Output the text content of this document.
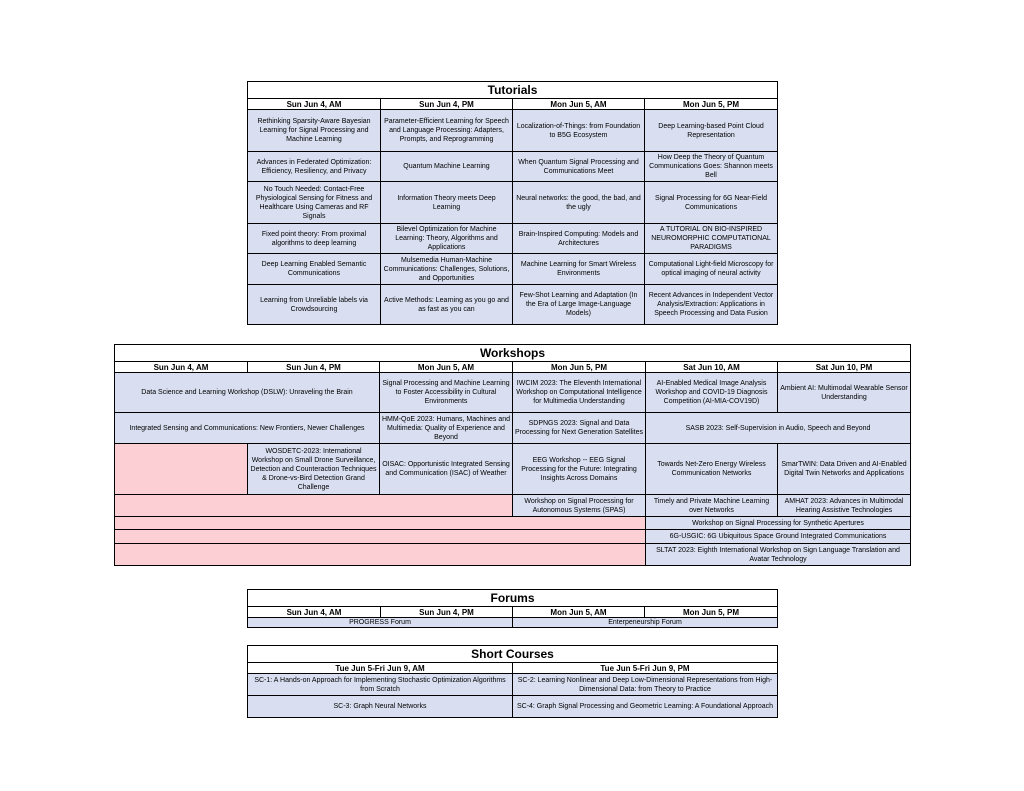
Tutorials			
Sun Jun 4, AM	Sun Jun 4, PM	Mon Jun 5, AM	Mon Jun 5, PM
Rethinking Sparsity-Aware Bayesian Learning for Signal Processing and Machine Learning	Parameter-Efficient Learning for Speech and Language Processing: Adapters, Prompts, and Reprogramming	Localization-of-Things: from Foundation to B5G Ecosystem	Deep Learning-based Point Cloud Representation
Advances in Federated Optimization: Efficiency, Resiliency, and Privacy	Quantum Machine Learning	When Quantum Signal Processing and Communications Meet	How Deep the Theory of Quantum Communications Goes: Shannon meets Bell
No Touch Needed: Contact-Free Physiological Sensing for Fitness and Healthcare Using Cameras and RF Signals	Information Theory meets Deep Learning	Neural networks: the good, the bad, and the ugly	Signal Processing for 6G Near-Field Communications
Fixed point theory: From proximal algorithms to deep learning	Bilevel Optimization for Machine Learning: Theory, Algorithms and Applications	Brain-Inspired Computing: Models and Architectures	A TUTORIAL ON BIO-INSPIRED NEUROMORPHIC COMPUTATIONAL PARADIGMS
Deep Learning Enabled Semantic Communications	Mulsemedia Human-Machine Communications: Challenges, Solutions, and Opportunities	Machine Learning for Smart Wireless Environments	Computational Light-field Microscopy for optical imaging of neural activity
Learning from Unreliable labels via Crowdsourcing	Active Methods: Learning as you go and as fast as you can	Few-Shot Learning and Adaptation (In the Era of Large Image-Language Models)	Recent Advances in Independent Vector Analysis/Extraction: Applications in Speech Processing and Data Fusion
Workshops					
Sun Jun 4, AM	Sun Jun 4, PM	Mon Jun 5, AM	Mon Jun 5, PM	Sat Jun 10, AM	Sat Jun 10, PM
Data Science and Learning Workshop (DSLW): Unraveling the Brain		Signal Processing and Machine Learning to Foster Accessibility in Cultural Environments	IWCIM 2023: The Eleventh International Workshop on Computational Intelligence for Multimedia Understanding	AI-Enabled Medical Image Analysis Workshop and COVID-19 Diagnosis Competition (AI-MIA-COV19D)	Ambient AI: Multimodal Wearable Sensor Understanding
Integrated Sensing and Communications: New Frontiers, Newer Challenges		HMM-QoE 2023: Humans, Machines and Multimedia: Quality of Experience and Beyond	SDPNGS 2023: Signal and Data Processing for Next Generation Satellites	SASB 2023: Self-Supervision in Audio, Speech and Beyond	
	WOSDETC-2023: International Workshop on Small Drone Surveillance, Detection and Counteraction Techniques & Drone-vs-Bird Detection Grand Challenge	OISAC: Opportunistic Integrated Sensing and Communication (ISAC) of Weather	EEG Workshop -- EEG Signal Processing for the Future: Integrating Insights Across Domains	Towards Net-Zero Energy Wireless Communication Networks	SmarTWIN: Data Driven and AI-Enabled Digital Twin Networks and Applications
			Workshop on Signal Processing for Autonomous Systems (SPAS)	Timely and Private Machine Learning over Networks	AMHAT 2023: Advances in Multimodal Hearing Assistive Technologies
				Workshop on Signal Processing for Synthetic Apertures	
				6G-USGIC: 6G Ubiquitous Space Ground Integrated Communications	
				SLTAT 2023: Eighth International Workshop on Sign Language Translation and Avatar Technology	
Forums			
Sun Jun 4, AM	Sun Jun 4, PM	Mon Jun 5, AM	Mon Jun 5, PM
PROGRESS Forum		Enterpeneurship Forum	
Short Courses	
Tue Jun 5-Fri Jun 9, AM	Tue Jun 5-Fri Jun 9, PM
SC-1: A Hands-on Approach for Implementing Stochastic Optimization Algorithms from Scratch	SC-2: Learning Nonlinear and Deep Low-Dimensional Representations from High-Dimensional Data: from Theory to Practice
SC-3: Graph Neural Networks	SC-4: Graph Signal Processing and Geometric Learning: A Foundational Approach
